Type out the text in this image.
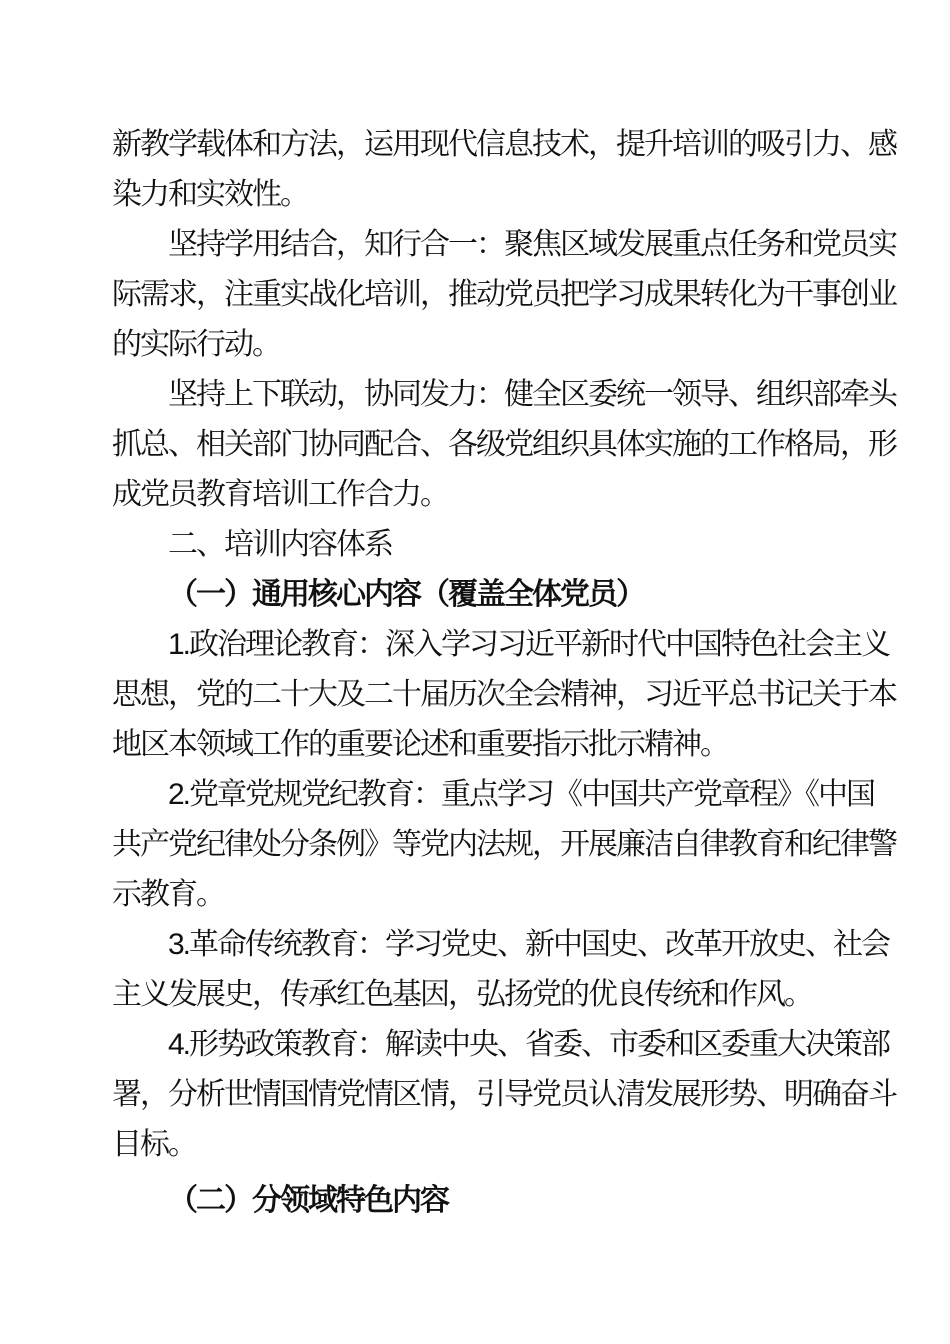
新教学载体和方法，运用现代信息技术，提升培训的吸引力、感
染力和实效性。
坚持学用结合，知行合一：聚焦区域发展重点任务和党员实
际需求，注重实战化培训，推动党员把学习成果转化为干事创业
的实际行动。
坚持上下联动，协同发力：健全区委统一领导、组织部牵头
抓总、相关部门协同配合、各级党组织具体实施的工作格局，形
成党员教育培训工作合力。
二、培训内容体系
（一）通用核心内容（覆盖全体党员）
1.政治理论教育：深入学习习近平新时代中国特色社会主义
思想，党的二十大及二十届历次全会精神，习近平总书记关于本
地区本领域工作的重要论述和重要指示批示精神。
2.党章党规党纪教育：重点学习《中国共产党章程》《中国
共产党纪律处分条例》等党内法规，开展廉洁自律教育和纪律警
示教育。
3.革命传统教育：学习党史、新中国史、改革开放史、社会
主义发展史，传承红色基因，弘扬党的优良传统和作风。
4.形势政策教育：解读中央、省委、市委和区委重大决策部
署，分析世情国情党情区情，引导党员认清发展形势、明确奋斗
目标。
（二）分领域特色内容
